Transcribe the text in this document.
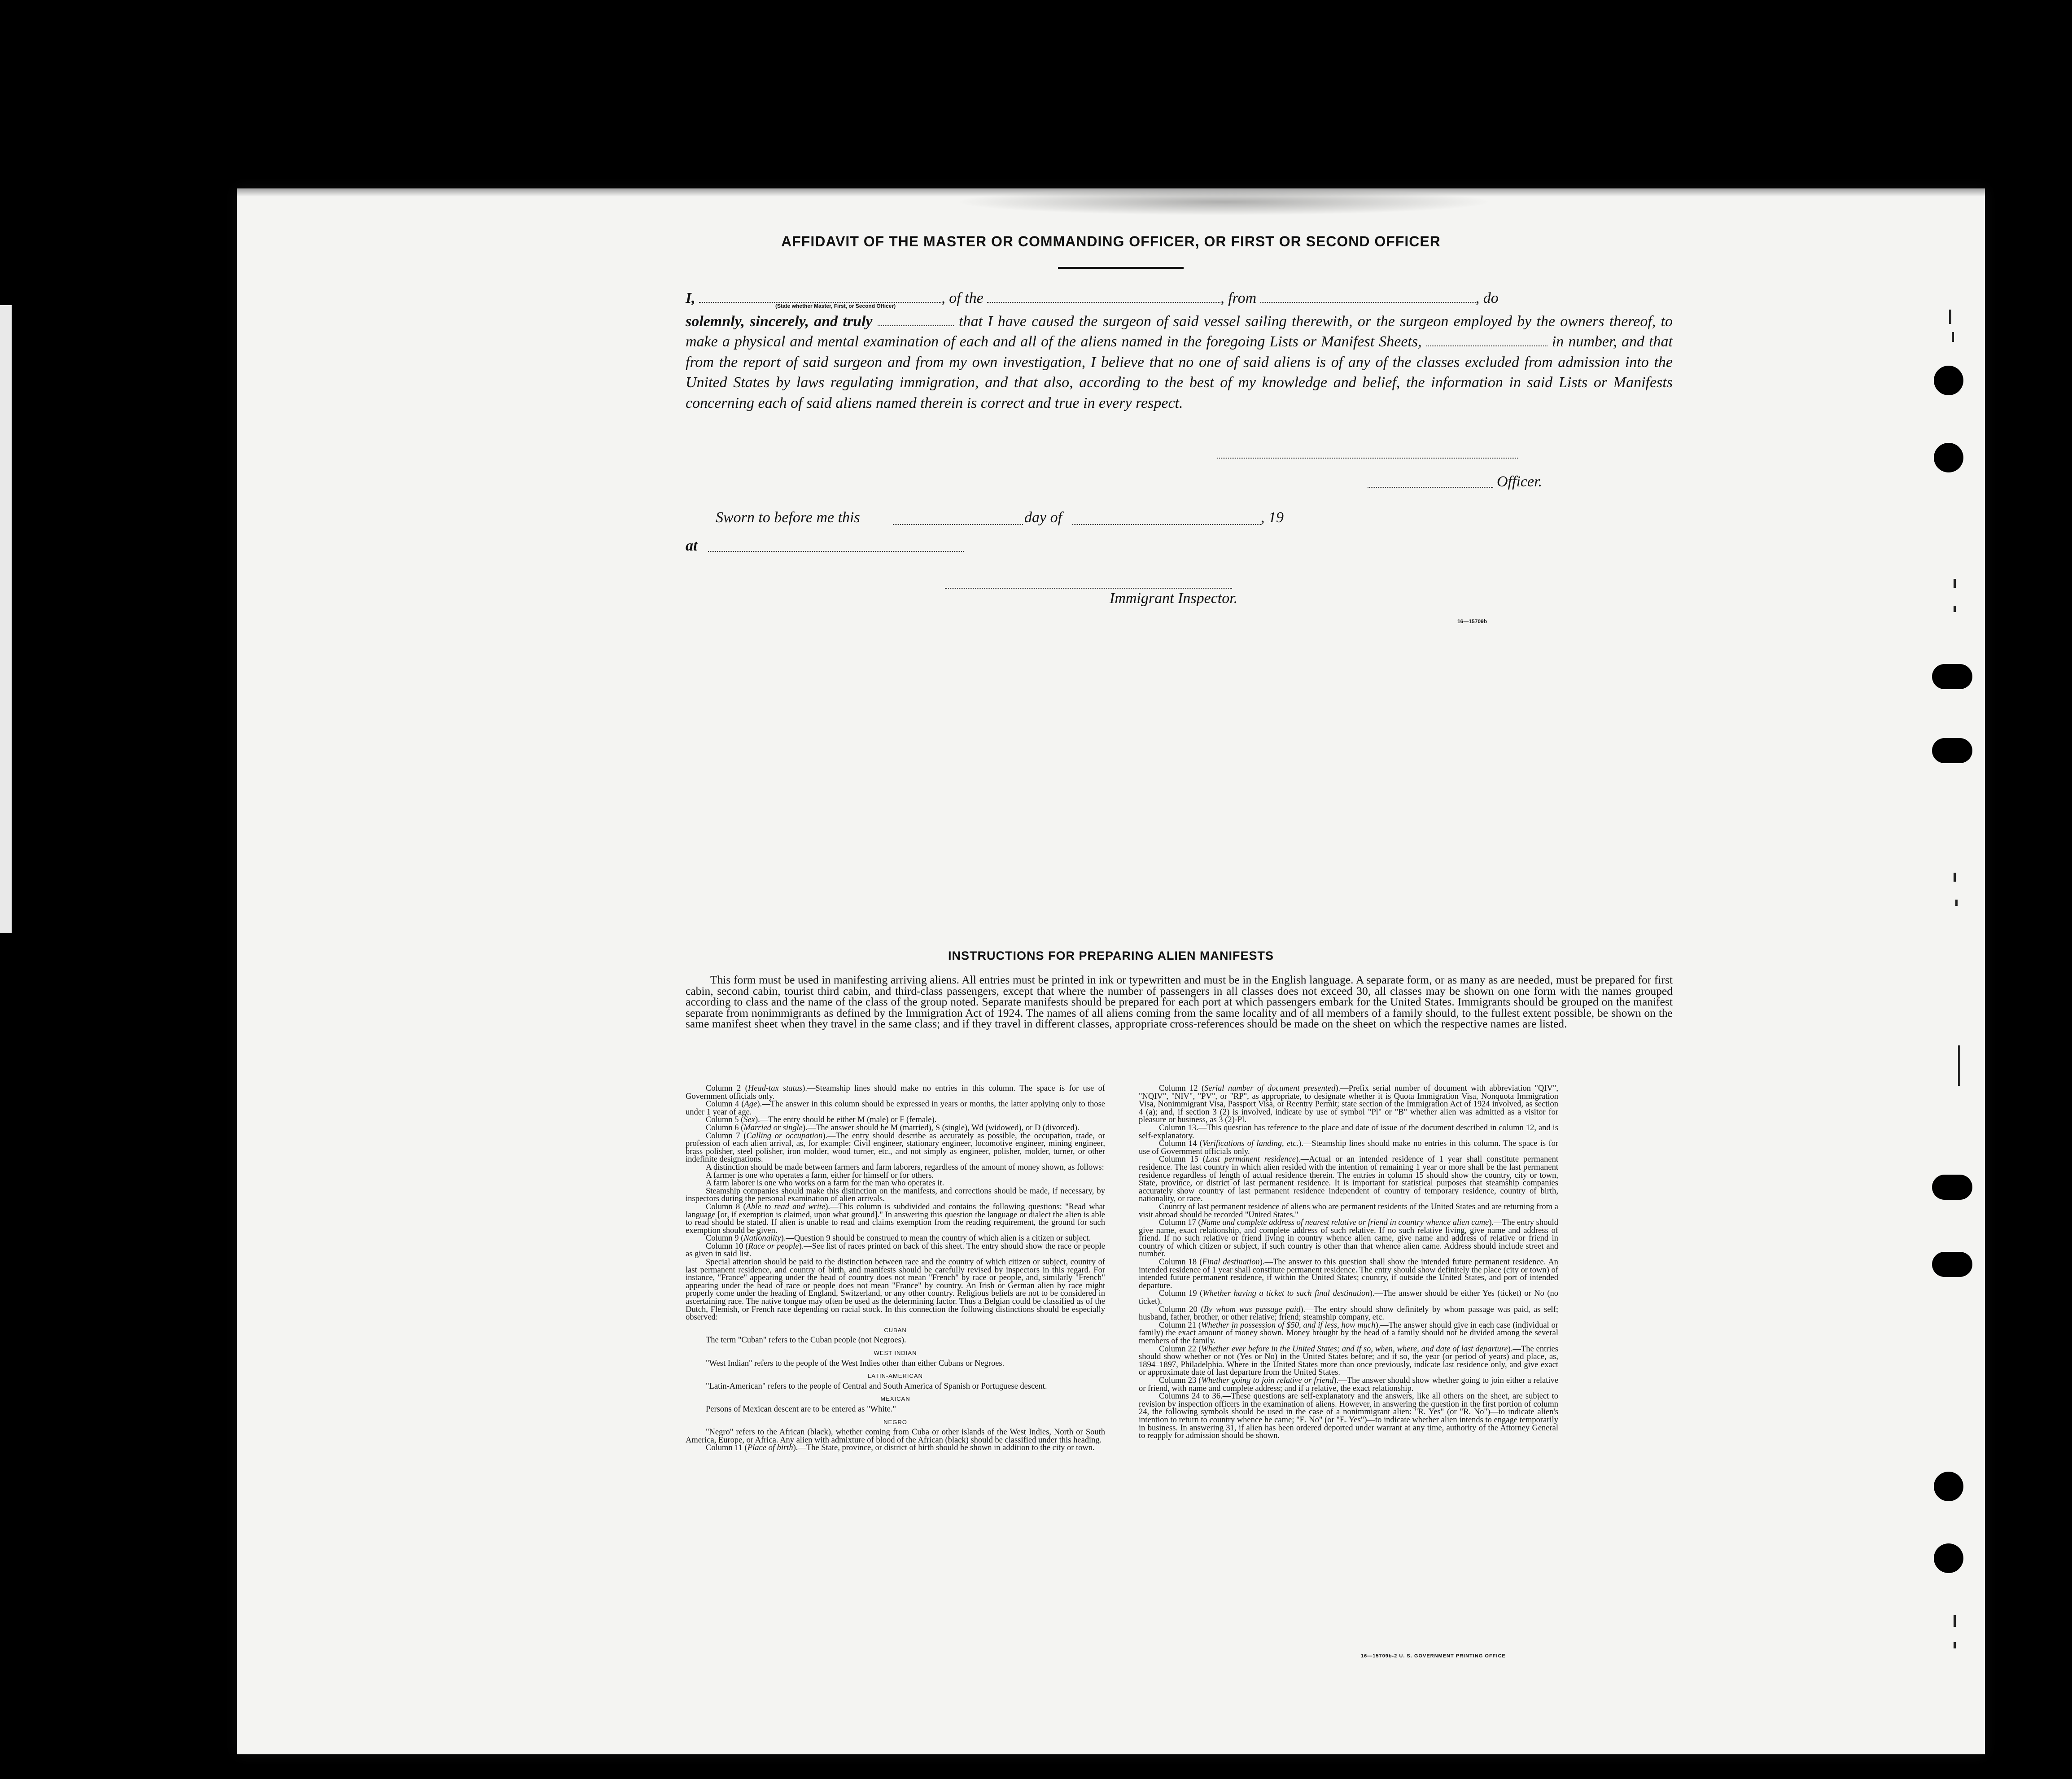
AFFIDAVIT OF THE MASTER OR COMMANDING OFFICER, OR FIRST OR SECOND OFFICER

I,	, of the	, from	, do

solemnly, sincerely, and truly	that I have caused the surgeon of said vessel sailing therewith, or the surgeon employed by the owners thereof, to make a physical and mental examination of each and all of the aliens named in the foregoing Lists or Manifest Sheets,	in number, and that from the report of said surgeon and from my own investigation, I believe that no one of said aliens is of any of the classes excluded from admission into the United States by laws regulating immigration, and that also, according to the best of my knowledge and belief, the information in said Lists or Manifests concerning each of said aliens named therein is correct and true in every respect.

(State whether Master, First, or Second Officer)
Officer.
Sworn to before me this	day of	, 19
at
Immigrant Inspector.
16—15709b
INSTRUCTIONS FOR PREPARING ALIEN MANIFESTS
This form must be used in manifesting arriving aliens. All entries must be printed in ink or typewritten and must be in the English language. A separate form, or as many as are needed, must be prepared for first cabin, second cabin, tourist third cabin, and third-class passengers, except that where the number of passengers in all classes does not exceed 30, all classes may be shown on one form with the names grouped according to class and the name of the class of the group noted. Separate manifests should be prepared for each port at which passengers embark for the United States. Immigrants should be grouped on the manifest separate from nonimmigrants as defined by the Immigration Act of 1924. The names of all aliens coming from the same locality and of all members of a family should, to the fullest extent possible, be shown on the same manifest sheet when they travel in the same class; and if they travel in different classes, appropriate cross-references should be made on the sheet on which the respective names are listed.

Column 2 (Head-tax status).—Steamship lines should make no entries in this column. The space is for use of Government officials only.

Column 4 (Age).—The answer in this column should be expressed in years or months, the latter applying only to those under 1 year of age.

Column 5 (Sex).—The entry should be either M (male) or F (female).

Column 6 (Married or single).—The answer should be M (married), S (single), Wd (widowed), or D (divorced).

Column 7 (Calling or occupation).—The entry should describe as accurately as possible, the occupation, trade, or profession of each alien arrival, as, for example: Civil engineer, stationary engineer, locomotive engineer, mining engineer, brass polisher, steel polisher, iron molder, wood turner, etc., and not simply as engineer, polisher, molder, turner, or other indefinite designations.

A distinction should be made between farmers and farm laborers, regardless of the amount of money shown, as follows:

A farmer is one who operates a farm, either for himself or for others.

A farm laborer is one who works on a farm for the man who operates it.

Steamship companies should make this distinction on the manifests, and corrections should be made, if necessary, by inspectors during the personal examination of alien arrivals.

Column 8 (Able to read and write).—This column is subdivided and contains the following questions: "Read what language [or, if exemption is claimed, upon what ground]." In answering this question the language or dialect the alien is able to read should be stated. If alien is unable to read and claims exemption from the reading requirement, the ground for such exemption should be given.

Column 9 (Nationality).—Question 9 should be construed to mean the country of which alien is a citizen or subject.

Column 10 (Race or people).—See list of races printed on back of this sheet. The entry should show the race or people as given in said list.

Special attention should be paid to the distinction between race and the country of which citizen or subject, country of last permanent residence, and country of birth, and manifests should be carefully revised by inspectors in this regard. For instance, "France" appearing under the head of country does not mean "French" by race or people, and, similarly "French" appearing under the head of race or people does not mean "France" by country. An Irish or German alien by race might properly come under the heading of England, Switzerland, or any other country. Religious beliefs are not to be considered in ascertaining race. The native tongue may often be used as the determining factor. Thus a Belgian could be classified as of the Dutch, Flemish, or French race depending on racial stock. In this connection the following distinctions should be especially observed:

CUBAN

The term "Cuban" refers to the Cuban people (not Negroes).

WEST INDIAN

"West Indian" refers to the people of the West Indies other than either Cubans or Negroes.

LATIN-AMERICAN

"Latin-American" refers to the people of Central and South America of Spanish or Portuguese descent.

MEXICAN

Persons of Mexican descent are to be entered as "White."

NEGRO

"Negro" refers to the African (black), whether coming from Cuba or other islands of the West Indies, North or South America, Europe, or Africa. Any alien with admixture of blood of the African (black) should be classified under this heading.

Column 11 (Place of birth).—The State, province, or district of birth should be shown in addition to the city or town.

Column 12 (Serial number of document presented).—Prefix serial number of document with abbreviation "QIV", "NQIV", "NIV", "PV", or "RP", as appropriate, to designate whether it is Quota Immigration Visa, Nonquota Immigration Visa, Nonimmigrant Visa, Passport Visa, or Reentry Permit; state section of the Immigration Act of 1924 involved, as section 4 (a); and, if section 3 (2) is involved, indicate by use of symbol "Pl" or "B" whether alien was admitted as a visitor for pleasure or business, as 3 (2)-Pl.

Column 13.—This question has reference to the place and date of issue of the document described in column 12, and is self-explanatory.

Column 14 (Verifications of landing, etc.).—Steamship lines should make no entries in this column. The space is for use of Government officials only.

Column 15 (Last permanent residence).—Actual or an intended residence of 1 year shall constitute permanent residence. The last country in which alien resided with the intention of remaining 1 year or more shall be the last permanent residence regardless of length of actual residence therein. The entries in column 15 should show the country, city or town, State, province, or district of last permanent residence. It is important for statistical purposes that steamship companies accurately show country of last permanent residence independent of country of temporary residence, country of birth, nationality, or race.

Country of last permanent residence of aliens who are permanent residents of the United States and are returning from a visit abroad should be recorded "United States."

Column 17 (Name and complete address of nearest relative or friend in country whence alien came).—The entry should give name, exact relationship, and complete address of such relative. If no such relative living, give name and address of friend. If no such relative or friend living in country whence alien came, give name and address of relative or friend in country of which citizen or subject, if such country is other than that whence alien came. Address should include street and number.

Column 18 (Final destination).—The answer to this question shall show the intended future permanent residence. An intended residence of 1 year shall constitute permanent residence. The entry should show definitely the place (city or town) of intended future permanent residence, if within the United States; country, if outside the United States, and port of intended departure.

Column 19 (Whether having a ticket to such final destination).—The answer should be either Yes (ticket) or No (no ticket).

Column 20 (By whom was passage paid).—The entry should show definitely by whom passage was paid, as self; husband, father, brother, or other relative; friend; steamship company, etc.

Column 21 (Whether in possession of $50, and if less, how much).—The answer should give in each case (individual or family) the exact amount of money shown. Money brought by the head of a family should not be divided among the several members of the family.

Column 22 (Whether ever before in the United States; and if so, when, where, and date of last departure).—The entries should show whether or not (Yes or No) in the United States before; and if so, the year (or period of years) and place, as, 1894–1897, Philadelphia. Where in the United States more than once previously, indicate last residence only, and give exact or approximate date of last departure from the United States.

Column 23 (Whether going to join relative or friend).—The answer should show whether going to join either a relative or friend, with name and complete address; and if a relative, the exact relationship.

Columns 24 to 36.—These questions are self-explanatory and the answers, like all others on the sheet, are subject to revision by inspection officers in the examination of aliens. However, in answering the question in the first portion of column 24, the following symbols should be used in the case of a nonimmigrant alien: "R. Yes" (or "R. No")—to indicate alien's intention to return to country whence he came; "E. No" (or "E. Yes")—to indicate whether alien intends to engage temporarily in business. In answering 31, if alien has been ordered deported under warrant at any time, authority of the Attorney General to reapply for admission should be shown.

16—15709b-2 U. S. GOVERNMENT PRINTING OFFICE
